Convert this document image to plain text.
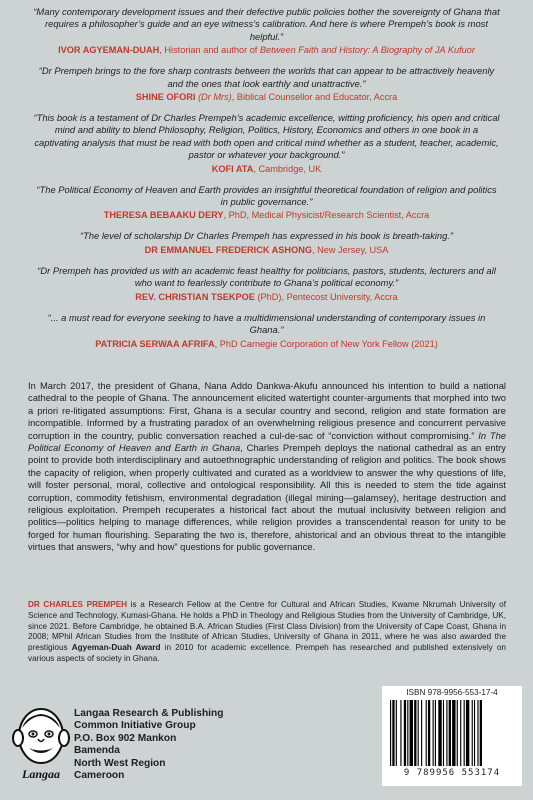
“Many contemporary development issues and their defective public policies bother the sovereignty of Ghana that requires a philosopher’s guide and an eye witness’s calibration. And here is where Prempeh’s book is most helpful.”

IVOR AGYEMAN-DUAH, Historian and author of Between Faith and History: A Biography of JA Kufuor

“Dr Prempeh brings to the fore sharp contrasts between the worlds that can appear to be attractively heavenly and the ones that look earthly and unattractive.”

SHINE OFORI (Dr Mrs), Biblical Counsellor and Educator, Accra

“This book is a testament of Dr Charles Prempeh’s academic excellence, witting proficiency, his open and critical mind and ability to blend Philosophy, Religion, Politics, History, Economics and others in one book in a captivating analysis that must be read with both open and critical mind whether as a student, teacher, academic, pastor or whatever your background.”

KOFI ATA, Cambridge, UK

“The Political Economy of Heaven and Earth provides an insightful theoretical foundation of religion and politics in public governance.”

THERESA BEBAAKU DERY, PhD, Medical Physicist/Research Scientist, Accra

“The level of scholarship Dr Charles Prempeh has expressed in his book is breath-taking.”

DR EMMANUEL FREDERICK ASHONG, New Jersey, USA

“Dr Prempeh has provided us with an academic feast healthy for politicians, pastors, students, lecturers and all who want to fearlessly contribute to Ghana’s political economy.”

REV. CHRISTIAN TSEKPOE (PhD), Pentecost University, Accra

“... a must read for everyone seeking to have a multidimensional understanding of contemporary issues in Ghana.”

PATRICIA SERWAA AFRIFA, PhD Carnegie Corporation of New York Fellow (2021)

In March 2017, the president of Ghana, Nana Addo Dankwa-Akufu announced his intention to build a national cathedral to the people of Ghana. The announcement elicited watertight counter-arguments that morphed into two a priori re-litigated assumptions: First, Ghana is a secular country and second, religion and state formation are incompatible. Informed by a frustrating paradox of an overwhelming religious presence and concurrent pervasive corruption in the country, public conversation reached a cul-de-sac of “conviction without compromising.” In The Political Economy of Heaven and Earth in Ghana, Charles Prempeh deploys the national cathedral as an entry point to provide both interdisciplinary and autoethnographic understanding of religion and politics. The book shows the capacity of religion, when properly cultivated and curated as a worldview to answer the why questions of life, will foster personal, moral, collective and ontological responsibility. All this is needed to stem the tide against corruption, commodity fetishism, environmental degradation (illegal mining—galamsey), heritage destruction and religious exploitation. Prempeh recuperates a historical fact about the mutual inclusivity between religion and politics—politics helping to manage differences, while religion provides a transcendental reason for unity to be forged for human flourishing. Separating the two is, therefore, ahistorical and an obvious threat to the intangible virtues that answers, “why and how” questions for public governance.

DR CHARLES PREMPEH is a Research Fellow at the Centre for Cultural and African Studies, Kwame Nkrumah University of Science and Technology, Kumasi-Ghana. He holds a PhD in Theology and Religious Studies from the University of Cambridge, UK, since 2021. Before Cambridge, he obtained B.A. African Studies (First Class Division) from the University of Cape Coast, Ghana in 2008; MPhil African Studies from the Institute of African Studies, University of Ghana in 2011, where he was also awarded the prestigious Agyeman-Duah Award in 2010 for academic excellence. Prempeh has researched and published extensively on various aspects of society in Ghana.

Langaa
Langaa Research & Publishing
Common Initiative Group
P.O. Box 902 Mankon
Bamenda
North West Region
Cameroon
ISBN 978-9956-553-17-4
9 789956 553174
